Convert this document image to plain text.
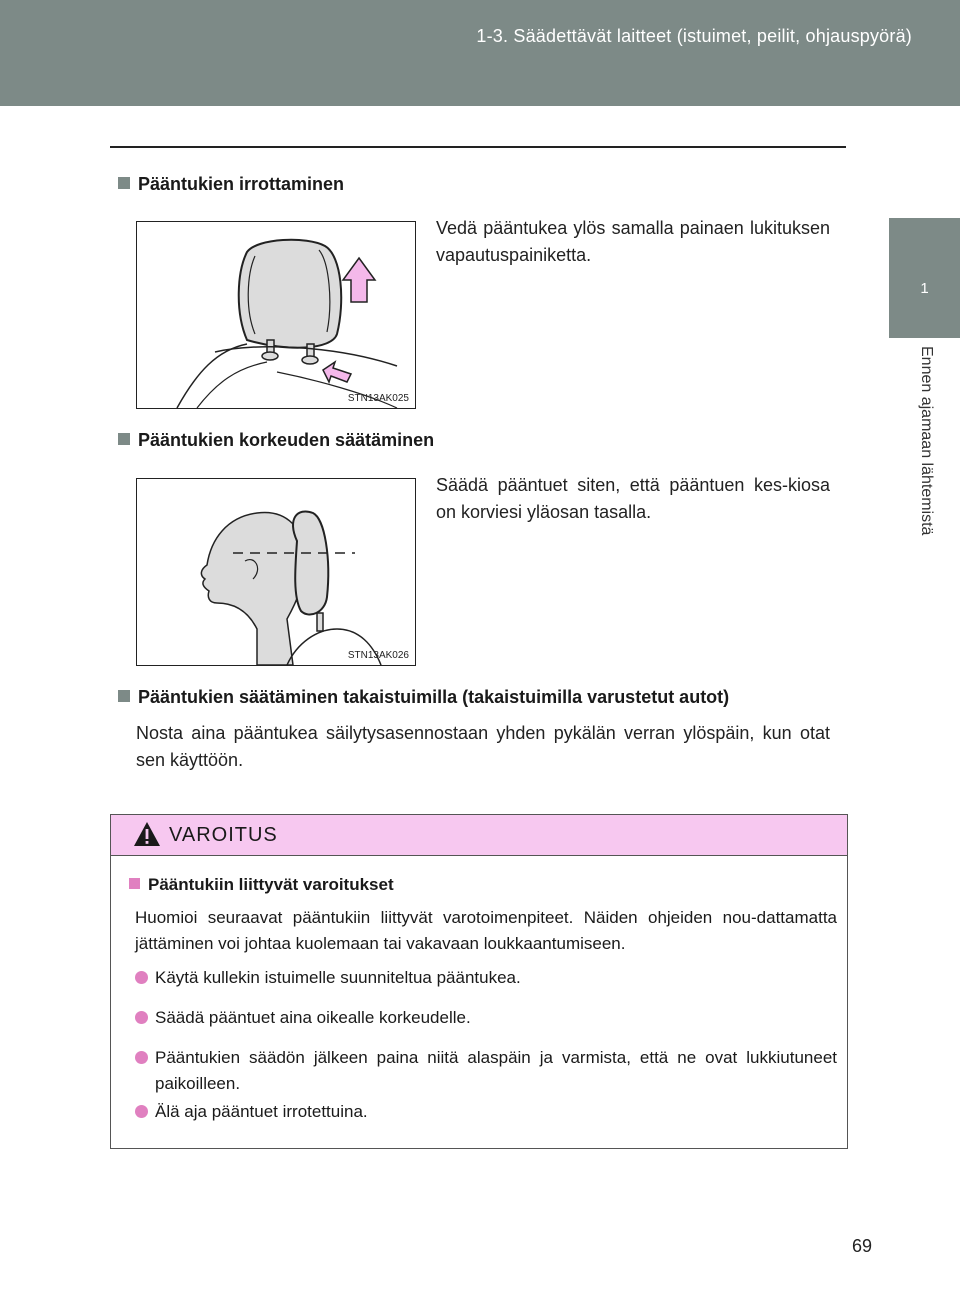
1-3. Säädettävät laitteet (istuimet, peilit, ohjauspyörä)
1
Ennen ajamaan lähtemistä
Pääntukien irrottaminen
STN13AK025
Vedä pääntukea ylös samalla painaen lukituksen vapautuspainiketta.
Pääntukien korkeuden säätäminen
STN13AK026
Säädä pääntuet siten, että pääntuen kes-kiosa on korviesi yläosan tasalla.
Pääntukien säätäminen takaistuimilla (takaistuimilla varustetut autot)
Nosta aina pääntukea säilytysasennostaan yhden pykälän verran ylöspäin, kun otat sen käyttöön.
VAROITUS
Pääntukiin liittyvät varoitukset
Huomioi seuraavat pääntukiin liittyvät varotoimenpiteet. Näiden ohjeiden nou-dattamatta jättäminen voi johtaa kuolemaan tai vakavaan loukkaantumiseen.
Käytä kullekin istuimelle suunniteltua pääntukea.
Säädä pääntuet aina oikealle korkeudelle.
Pääntukien säädön jälkeen paina niitä alaspäin ja varmista, että ne ovat lukkiutuneet paikoilleen.
Älä aja pääntuet irrotettuina.
69
